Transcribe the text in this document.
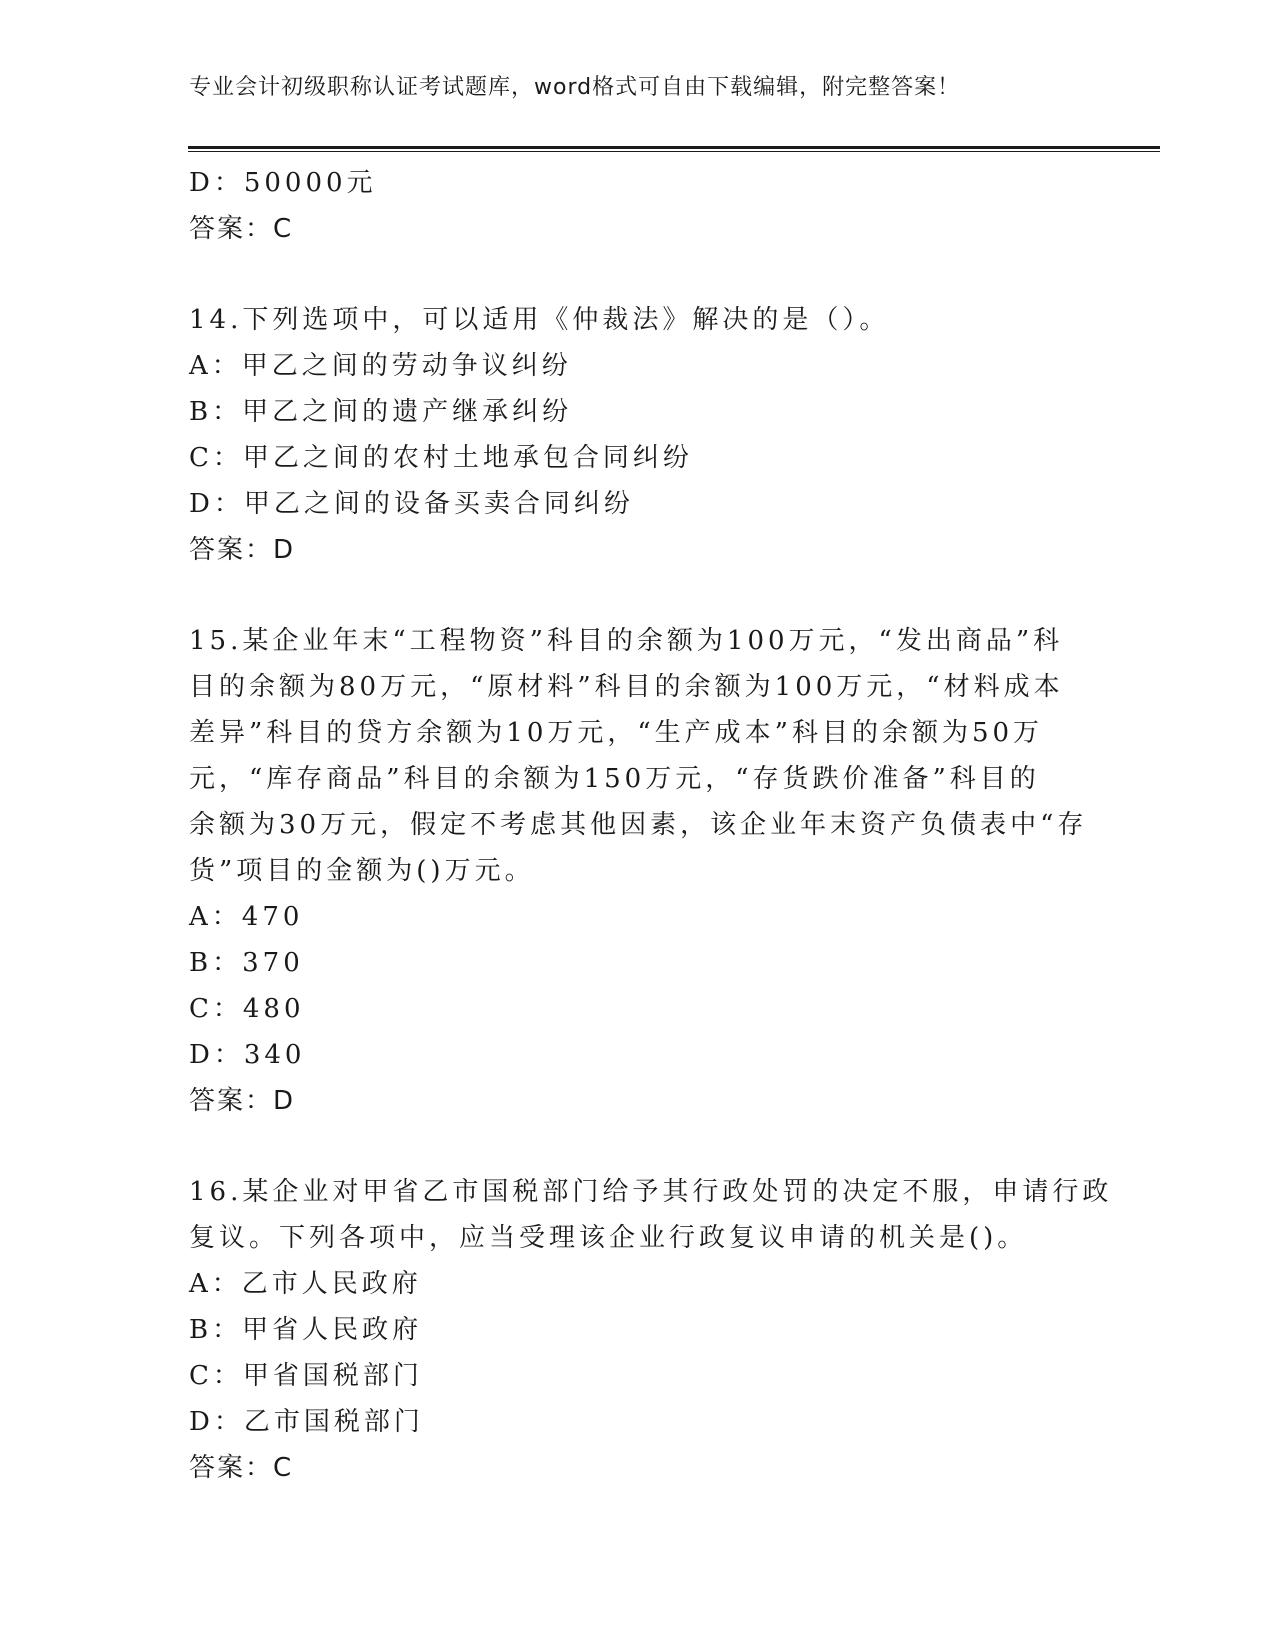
专业会计初级职称认证考试题库，word格式可自由下载编辑，附完整答案！
D：50000元
答案：C
14.下列选项中，可以适用《仲裁法》解决的是（）。
A：甲乙之间的劳动争议纠纷
B：甲乙之间的遗产继承纠纷
C：甲乙之间的农村土地承包合同纠纷
D：甲乙之间的设备买卖合同纠纷
答案：D
15.某企业年末“工程物资”科目的余额为100万元，“发出商品”科
目的余额为80万元，“原材料”科目的余额为100万元，“材料成本
差异”科目的贷方余额为10万元，“生产成本”科目的余额为50万
元，“库存商品”科目的余额为150万元，“存货跌价准备”科目的
余额为30万元，假定不考虑其他因素，该企业年末资产负债表中“存
货”项目的金额为()万元。
A：470
B：370
C：480
D：340
答案：D
16.某企业对甲省乙市国税部门给予其行政处罚的决定不服，申请行政
复议。下列各项中，应当受理该企业行政复议申请的机关是()。
A：乙市人民政府
B：甲省人民政府
C：甲省国税部门
D：乙市国税部门
答案：C
